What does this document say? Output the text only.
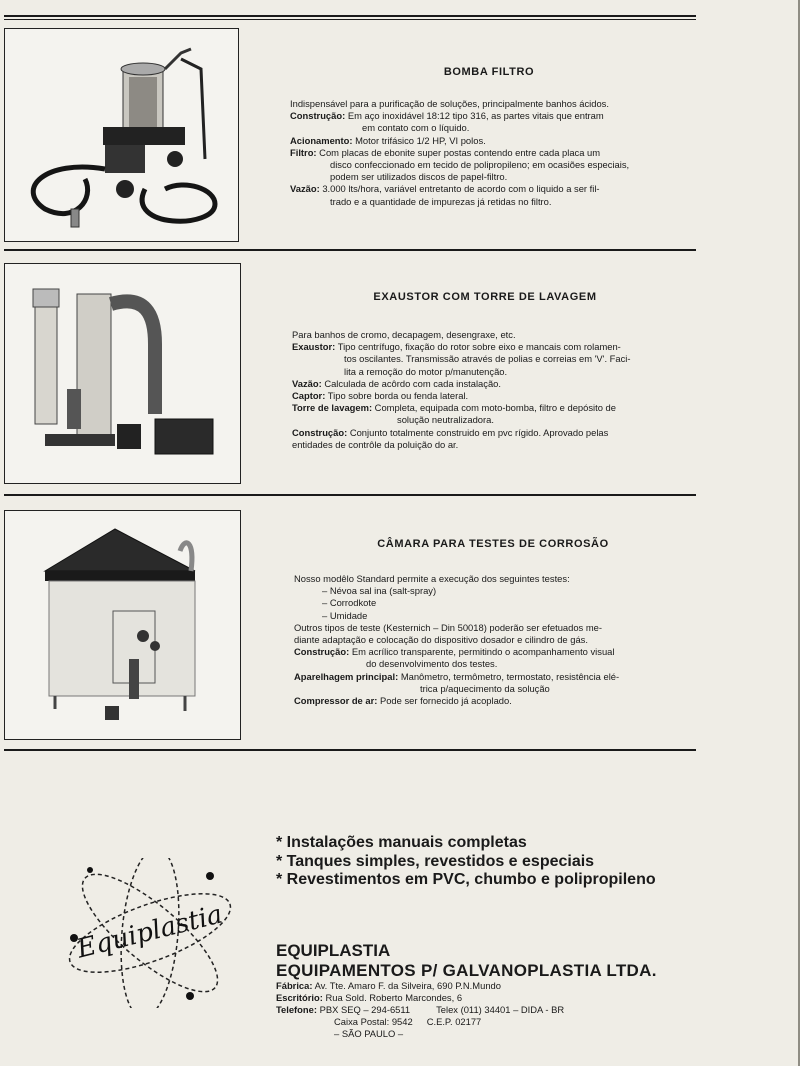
BOMBA FILTRO

Indispensável para a purificação de soluções, principalmente banhos ácidos.

Construção: Em aço inoxidável 18:12 tipo 316, as partes vitais que entram

em contato com o líquido.

Acionamento: Motor trifásico 1/2 HP, VI polos.

Filtro: Com placas de ebonite super postas contendo entre cada placa um

disco confeccionado em tecido de polipropileno; em ocasiões especiais,

podem ser utilizados discos de papel-filtro.

Vazão: 3.000 lts/hora, variável entretanto de acordo com o liquido a ser fil-

trado e a quantidade de impurezas já retidas no filtro.

EXAUSTOR COM TORRE DE LAVAGEM

Para banhos de cromo, decapagem, desengraxe, etc.

Exaustor: Tipo centrífugo, fixação do rotor sobre eixo e mancais com rolamen-

tos oscilantes. Transmissão através de polias e correias em 'V'. Faci-

lita a remoção do motor p/manutenção.

Vazão: Calculada de acôrdo com cada instalação.

Captor: Tipo sobre borda ou fenda lateral.

Torre de lavagem: Completa, equipada com moto-bomba, filtro e depósito de

solução neutralizadora.

Construção: Conjunto totalmente construido em pvc rígido. Aprovado pelas

entidades de contrôle da poluição do ar.

CÂMARA PARA TESTES DE CORROSÃO

Nosso modêlo Standard permite a execução dos seguintes testes:

– Névoa sal ina (salt-spray)

– Corrodkote

– Umidade

Outros tipos de teste (Kesternich – Din 50018) poderão ser efetuados me-

diante adaptação e colocação do dispositivo dosador e cilindro de gás.

Construção: Em acrílico transparente, permitindo o acompanhamento visual

do desenvolvimento dos testes.

Aparelhagem principal: Manômetro, termômetro, termostato, resistência elé-

trica p/aquecimento da solução

Compressor de ar: Pode ser fornecido já acoplado.

* Instalações manuais completas
* Tanques simples, revestidos e especiais
* Revestimentos em PVC, chumbo e polipropileno
Equiplastia	EQUIPLASTIA
EQUIPAMENTOS P/ GALVANOPLASTIA LTDA.
Fábrica: Av. Tte. Amaro F. da Silveira, 690 P.N.Mundo
Escritório: Rua Sold. Roberto Marcondes, 6
Telefone: PBX SEQ – 294-6511	Telex (011) 34401 – DIDA - BR
Caixa Postal: 9542 C.E.P. 02177
– SÃO PAULO –
